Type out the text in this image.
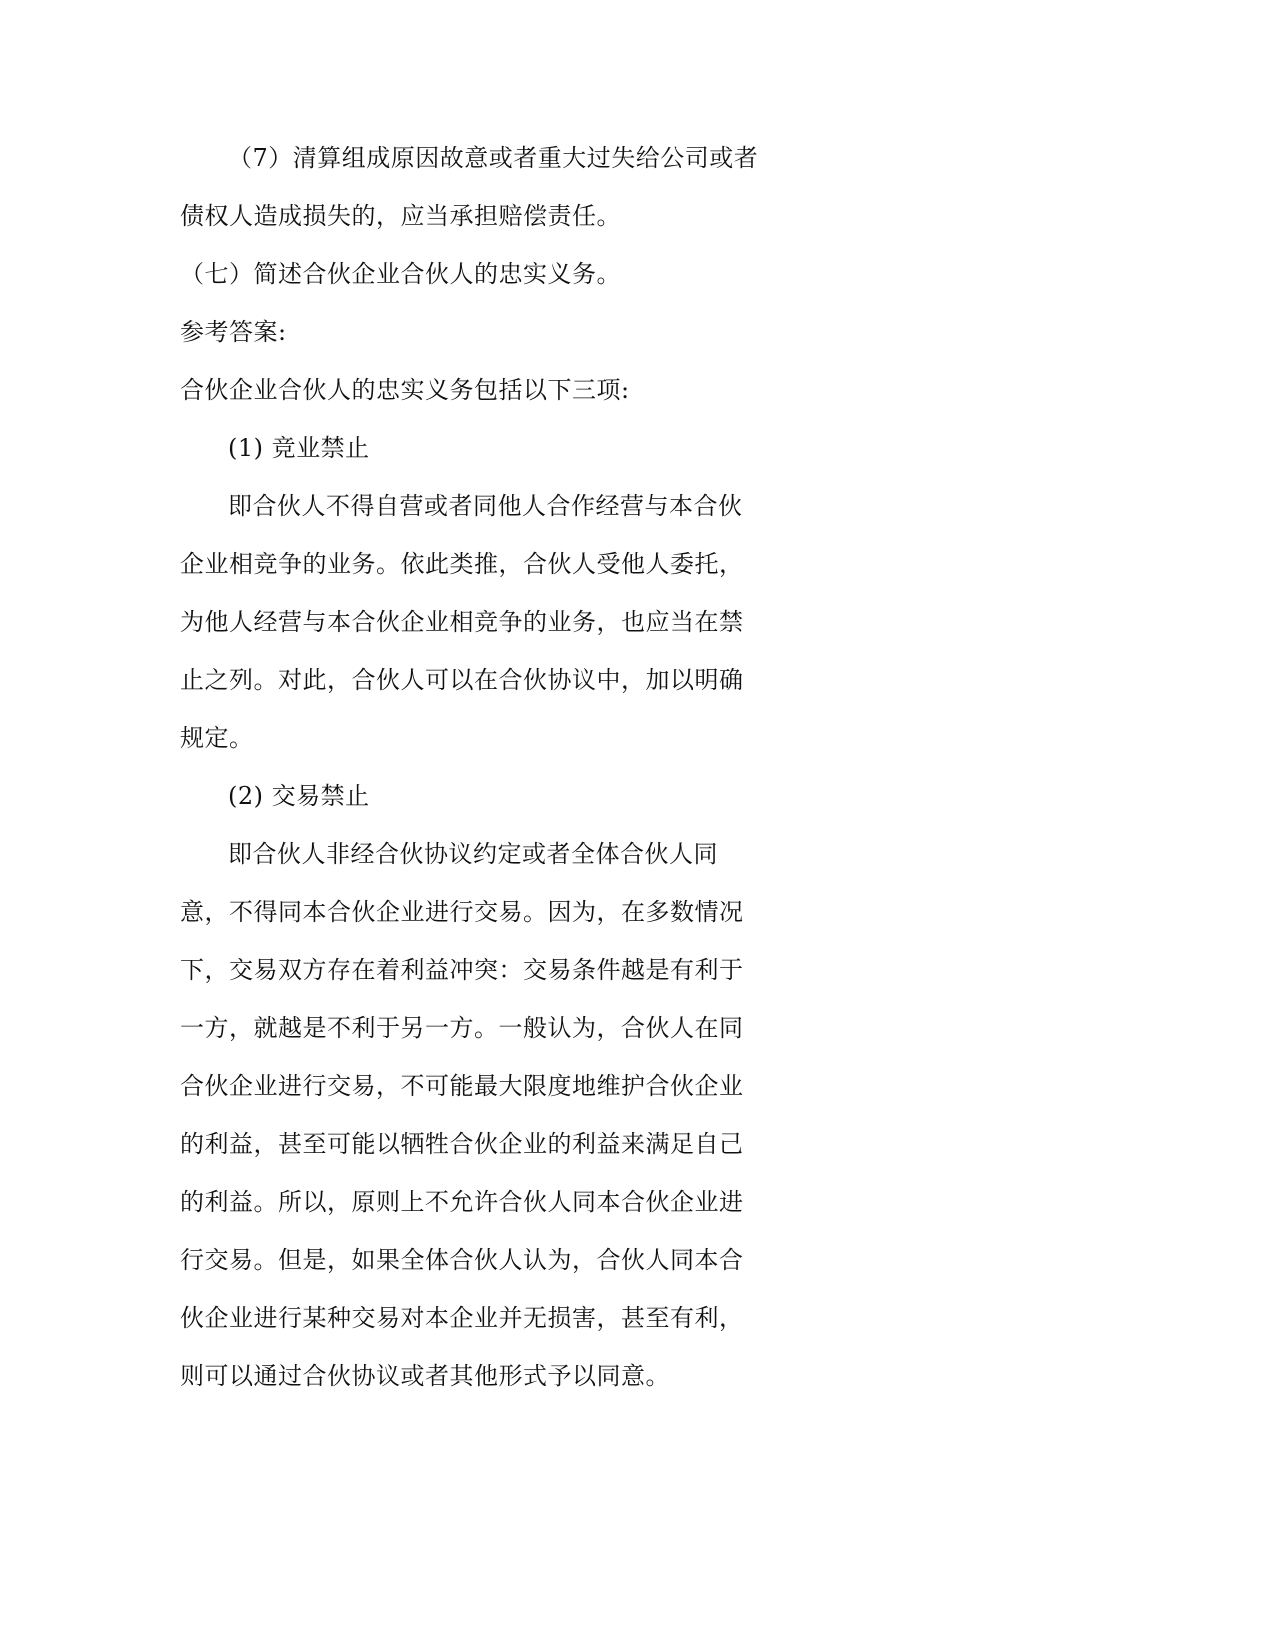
（7）清算组成原因故意或者重大过失给公司或者
债权人造成损失的，应当承担赔偿责任。
（七）简述合伙企业合伙人的忠实义务。
参考答案:
合伙企业合伙人的忠实义务包括以下三项:
(1) 竞业禁止
即合伙人不得自营或者同他人合作经营与本合伙
企业相竞争的业务。依此类推，合伙人受他人委托，
为他人经营与本合伙企业相竞争的业务，也应当在禁
止之列。对此，合伙人可以在合伙协议中，加以明确
规定。
(2) 交易禁止
即合伙人非经合伙协议约定或者全体合伙人同
意，不得同本合伙企业进行交易。因为，在多数情况
下，交易双方存在着利益冲突：交易条件越是有利于
一方，就越是不利于另一方。一般认为，合伙人在同
合伙企业进行交易，不可能最大限度地维护合伙企业
的利益，甚至可能以牺牲合伙企业的利益来满足自己
的利益。所以，原则上不允许合伙人同本合伙企业进
行交易。但是，如果全体合伙人认为，合伙人同本合
伙企业进行某种交易对本企业并无损害，甚至有利，
则可以通过合伙协议或者其他形式予以同意。
